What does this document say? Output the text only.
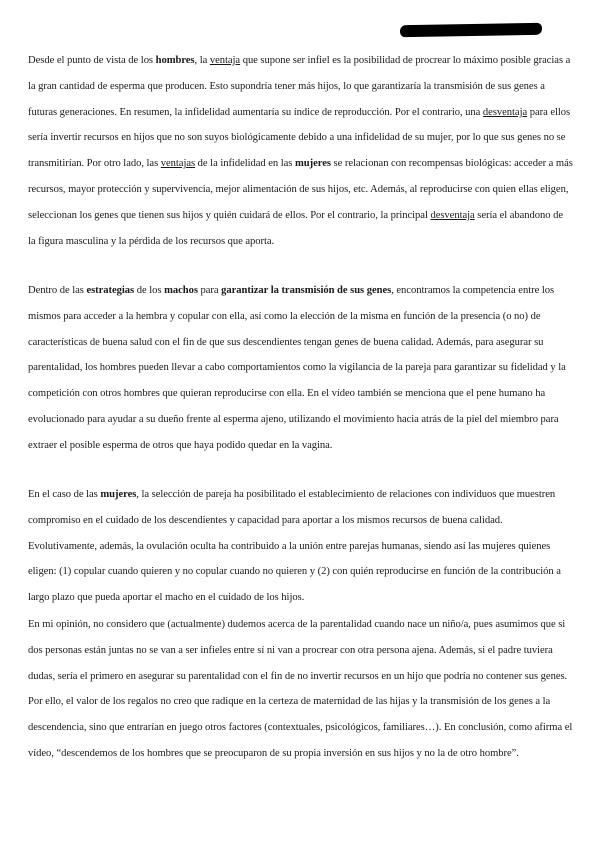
Desde el punto de vista de los hombres, la ventaja que supone ser infiel es la posibilidad de procrear lo máximo posible gracias a la gran cantidad de esperma que producen. Esto supondría tener más hijos, lo que garantizaría la transmisión de sus genes a futuras generaciones. En resumen, la infidelidad aumentaría su índice de reproducción. Por el contrario, una desventaja para ellos sería invertir recursos en hijos que no son suyos biológicamente debido a una infidelidad de su mujer, por lo que sus genes no se transmitirían. Por otro lado, las ventajas de la infidelidad en las mujeres se relacionan con recompensas biológicas: acceder a más recursos, mayor protección y supervivencia, mejor alimentación de sus hijos, etc. Además, al reproducirse con quien ellas eligen, seleccionan los genes que tienen sus hijos y quién cuidará de ellos. Por el contrario, la principal desventaja sería el abandono de la figura masculina y la pérdida de los recursos que aporta.

Dentro de las estrategias de los machos para garantizar la transmisión de sus genes, encontramos la competencia entre los mismos para acceder a la hembra y copular con ella, así como la elección de la misma en función de la presencia (o no) de características de buena salud con el fin de que sus descendientes tengan genes de buena calidad. Además, para asegurar su parentalidad, los hombres pueden llevar a cabo comportamientos como la vigilancia de la pareja para garantizar su fidelidad y la competición con otros hombres que quieran reproducirse con ella. En el vídeo también se menciona que el pene humano ha evolucionado para ayudar a su dueño frente al esperma ajeno, utilizando el movimiento hacia atrás de la piel del miembro para extraer el posible esperma de otros que haya podido quedar en la vagina.

En el caso de las mujeres, la selección de pareja ha posibilitado el establecimiento de relaciones con individuos que muestren compromiso en el cuidado de los descendientes y capacidad para aportar a los mismos recursos de buena calidad. Evolutivamente, además, la ovulación oculta ha contribuido a la unión entre parejas humanas, siendo así las mujeres quienes eligen: (1) copular cuando quieren y no copular cuando no quieren y (2) con quién reproducirse en función de la contribución a largo plazo que pueda aportar el macho en el cuidado de los hijos.

En mi opinión, no considero que (actualmente) dudemos acerca de la parentalidad cuando nace un niño/a, pues asumimos que si dos personas están juntas no se van a ser infieles entre sí ni van a procrear con otra persona ajena. Además, si el padre tuviera dudas, sería el primero en asegurar su parentalidad con el fin de no invertir recursos en un hijo que podría no contener sus genes. Por ello, el valor de los regalos no creo que radique en la certeza de maternidad de las hijas y la transmisión de los genes a la descendencia, sino que entrarían en juego otros factores (contextuales, psicológicos, familiares…). En conclusión, como afirma el vídeo, “descendemos de los hombres que se preocuparon de su propia inversión en sus hijos y no la de otro hombre”.
